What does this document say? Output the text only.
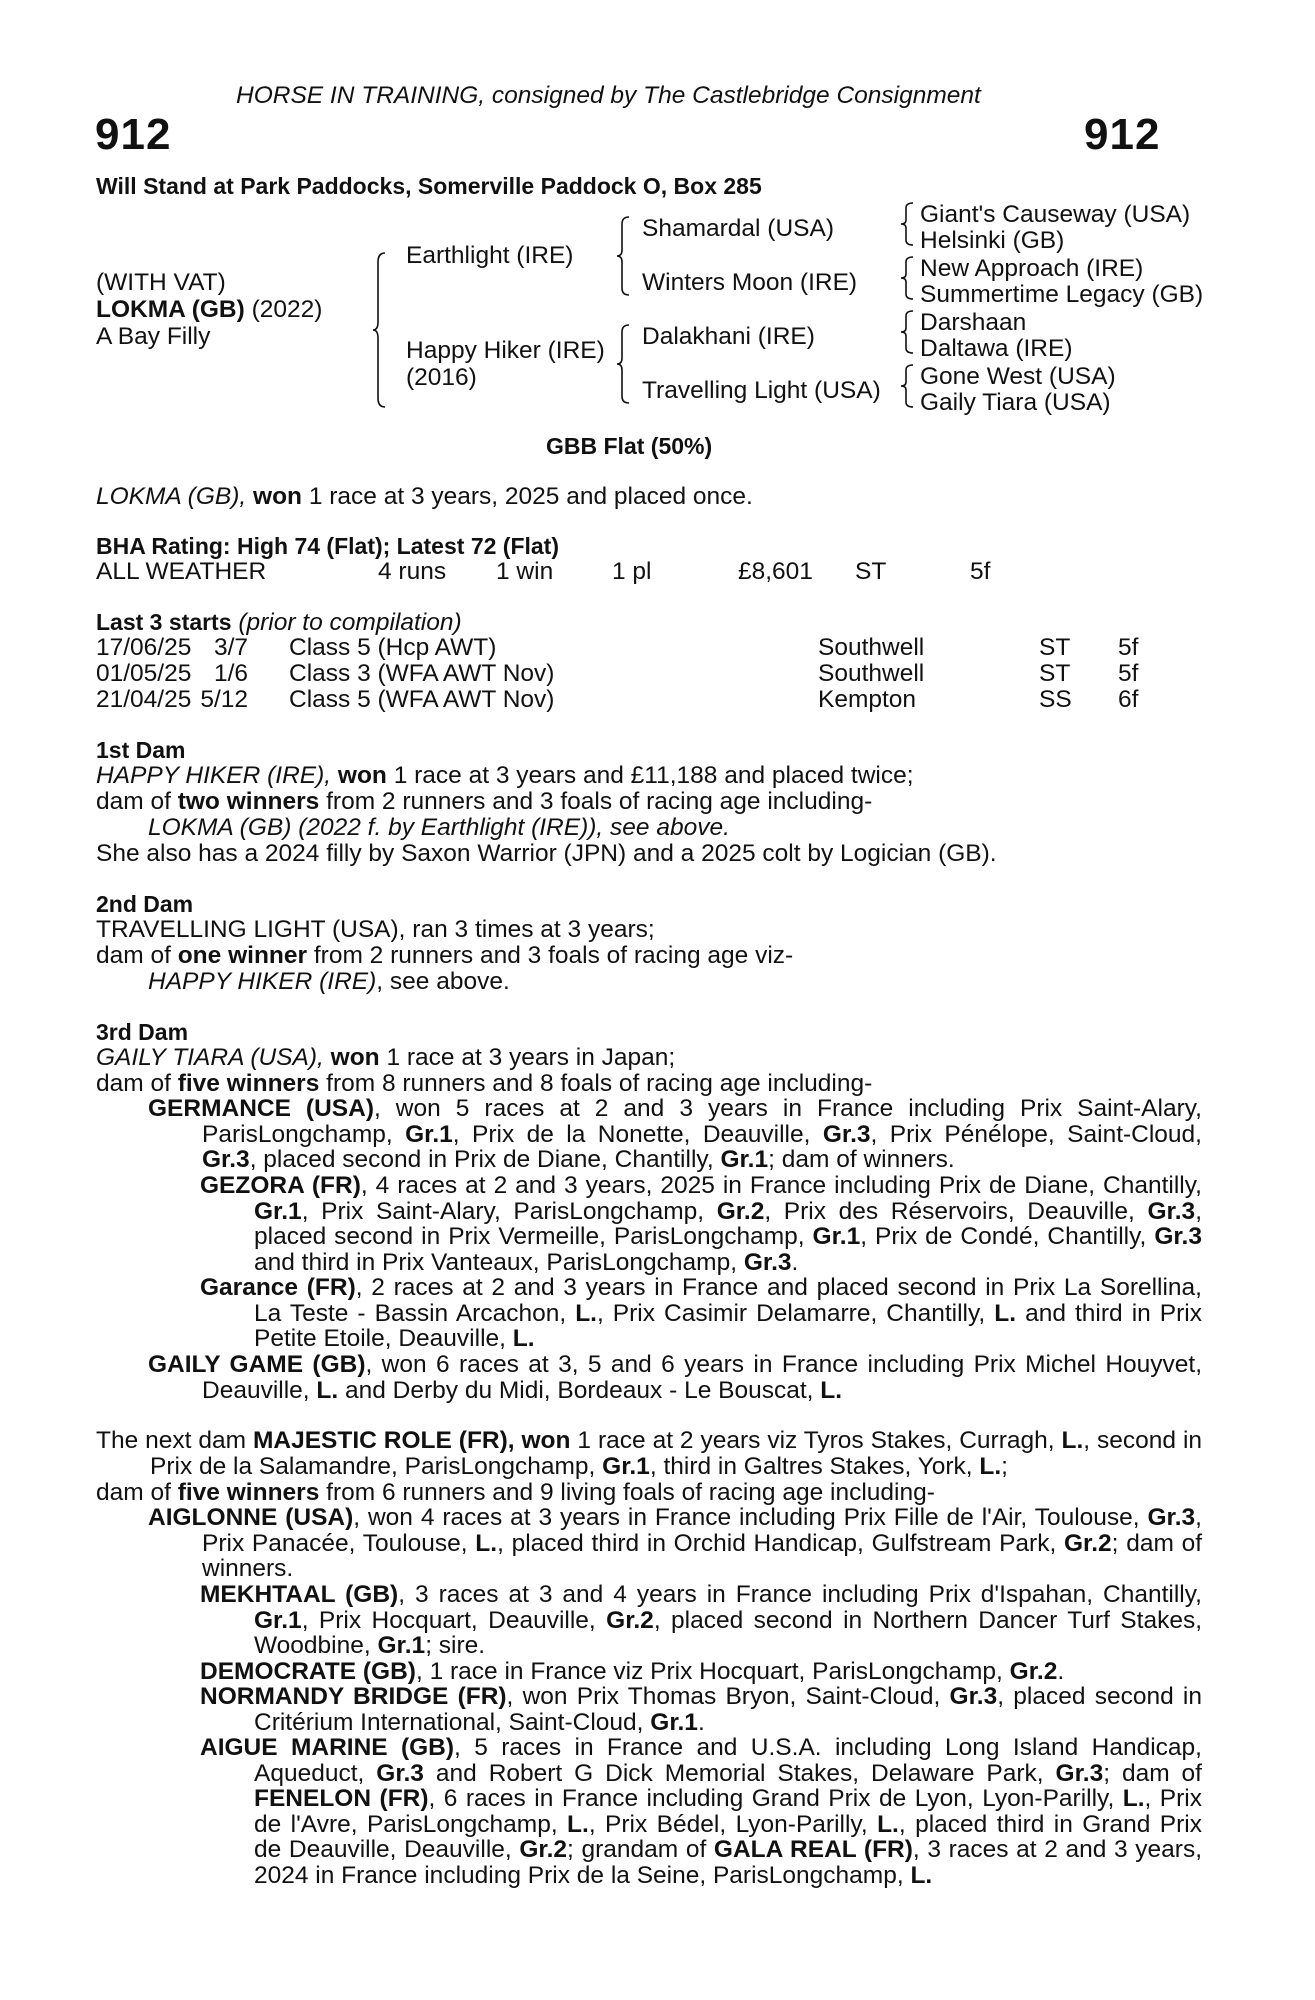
HORSE IN TRAINING, consigned by The Castlebridge Consignment
912	912
Will Stand at Park Paddocks, Somerville Paddock O, Box 285
(WITH VAT)
LOKMA (GB) (2022)
A Bay Filly
Earthlight (IRE)
Happy Hiker (IRE)
(2016)
Shamardal (USA)
Winters Moon (IRE)
Dalakhani (IRE)
Travelling Light (USA)
Giant's Causeway (USA)
Helsinki (GB)
New Approach (IRE)
Summertime Legacy (GB)
Darshaan
Daltawa (IRE)
Gone West (USA)
Gaily Tiara (USA)
GBB Flat (50%)
LOKMA (GB), won 1 race at 3 years, 2025 and placed once.
BHA Rating: High 74 (Flat); Latest 72 (Flat)
ALL WEATHER	4 runs 1 win 1 pl	£8,601 ST	5f
Last 3 starts (prior to compilation)
17/06/25 3/7 Class 5 (Hcp AWT)	Southwell	ST 5f
01/05/25 1/6 Class 3 (WFA AWT Nov)	Southwell	ST 5f
21/04/25 5/12 Class 5 (WFA AWT Nov)	Kempton	SS 6f
1st Dam
HAPPY HIKER (IRE), won 1 race at 3 years and £11,188 and placed twice;
dam of two winners from 2 runners and 3 foals of racing age including-
LOKMA (GB) (2022 f. by Earthlight (IRE)), see above.
She also has a 2024 filly by Saxon Warrior (JPN) and a 2025 colt by Logician (GB).
2nd Dam
TRAVELLING LIGHT (USA), ran 3 times at 3 years;
dam of one winner from 2 runners and 3 foals of racing age viz-
HAPPY HIKER (IRE), see above.
3rd Dam
GAILY TIARA (USA), won 1 race at 3 years in Japan;
dam of five winners from 8 runners and 8 foals of racing age including-

GERMANCE (USA), won 5 races at 2 and 3 years in France including Prix Saint-Alary, ParisLongchamp, Gr.1, Prix de la Nonette, Deauville, Gr.3, Prix Pénélope, Saint-Cloud, Gr.3, placed second in Prix de Diane, Chantilly, Gr.1; dam of winners.

GEZORA (FR), 4 races at 2 and 3 years, 2025 in France including Prix de Diane, Chantilly, Gr.1, Prix Saint-Alary, ParisLongchamp, Gr.2, Prix des Réservoirs, Deauville, Gr.3, placed second in Prix Vermeille, ParisLongchamp, Gr.1, Prix de Condé, Chantilly, Gr.3 and third in Prix Vanteaux, ParisLongchamp, Gr.3.

Garance (FR), 2 races at 2 and 3 years in France and placed second in Prix La Sorellina, La Teste - Bassin Arcachon, L., Prix Casimir Delamarre, Chantilly, L. and third in Prix Petite Etoile, Deauville, L.

GAILY GAME (GB), won 6 races at 3, 5 and 6 years in France including Prix Michel Houyvet, Deauville, L. and Derby du Midi, Bordeaux - Le Bouscat, L.

The next dam MAJESTIC ROLE (FR), won 1 race at 2 years viz Tyros Stakes, Curragh, L., second in Prix de la Salamandre, ParisLongchamp, Gr.1, third in Galtres Stakes, York, L.;

dam of five winners from 6 runners and 9 living foals of racing age including-

AIGLONNE (USA), won 4 races at 3 years in France including Prix Fille de l'Air, Toulouse, Gr.3, Prix Panacée, Toulouse, L., placed third in Orchid Handicap, Gulfstream Park, Gr.2; dam of winners.

MEKHTAAL (GB), 3 races at 3 and 4 years in France including Prix d'Ispahan, Chantilly, Gr.1, Prix Hocquart, Deauville, Gr.2, placed second in Northern Dancer Turf Stakes, Woodbine, Gr.1; sire.

DEMOCRATE (GB), 1 race in France viz Prix Hocquart, ParisLongchamp, Gr.2.

NORMANDY BRIDGE (FR), won Prix Thomas Bryon, Saint-Cloud, Gr.3, placed second in Critérium International, Saint-Cloud, Gr.1.

AIGUE MARINE (GB), 5 races in France and U.S.A. including Long Island Handicap, Aqueduct, Gr.3 and Robert G Dick Memorial Stakes, Delaware Park, Gr.3; dam of FENELON (FR), 6 races in France including Grand Prix de Lyon, Lyon-Parilly, L., Prix de l'Avre, ParisLongchamp, L., Prix Bédel, Lyon-Parilly, L., placed third in Grand Prix de Deauville, Deauville, Gr.2; grandam of GALA REAL (FR), 3 races at 2 and 3 years, 2024 in France including Prix de la Seine, ParisLongchamp, L.
